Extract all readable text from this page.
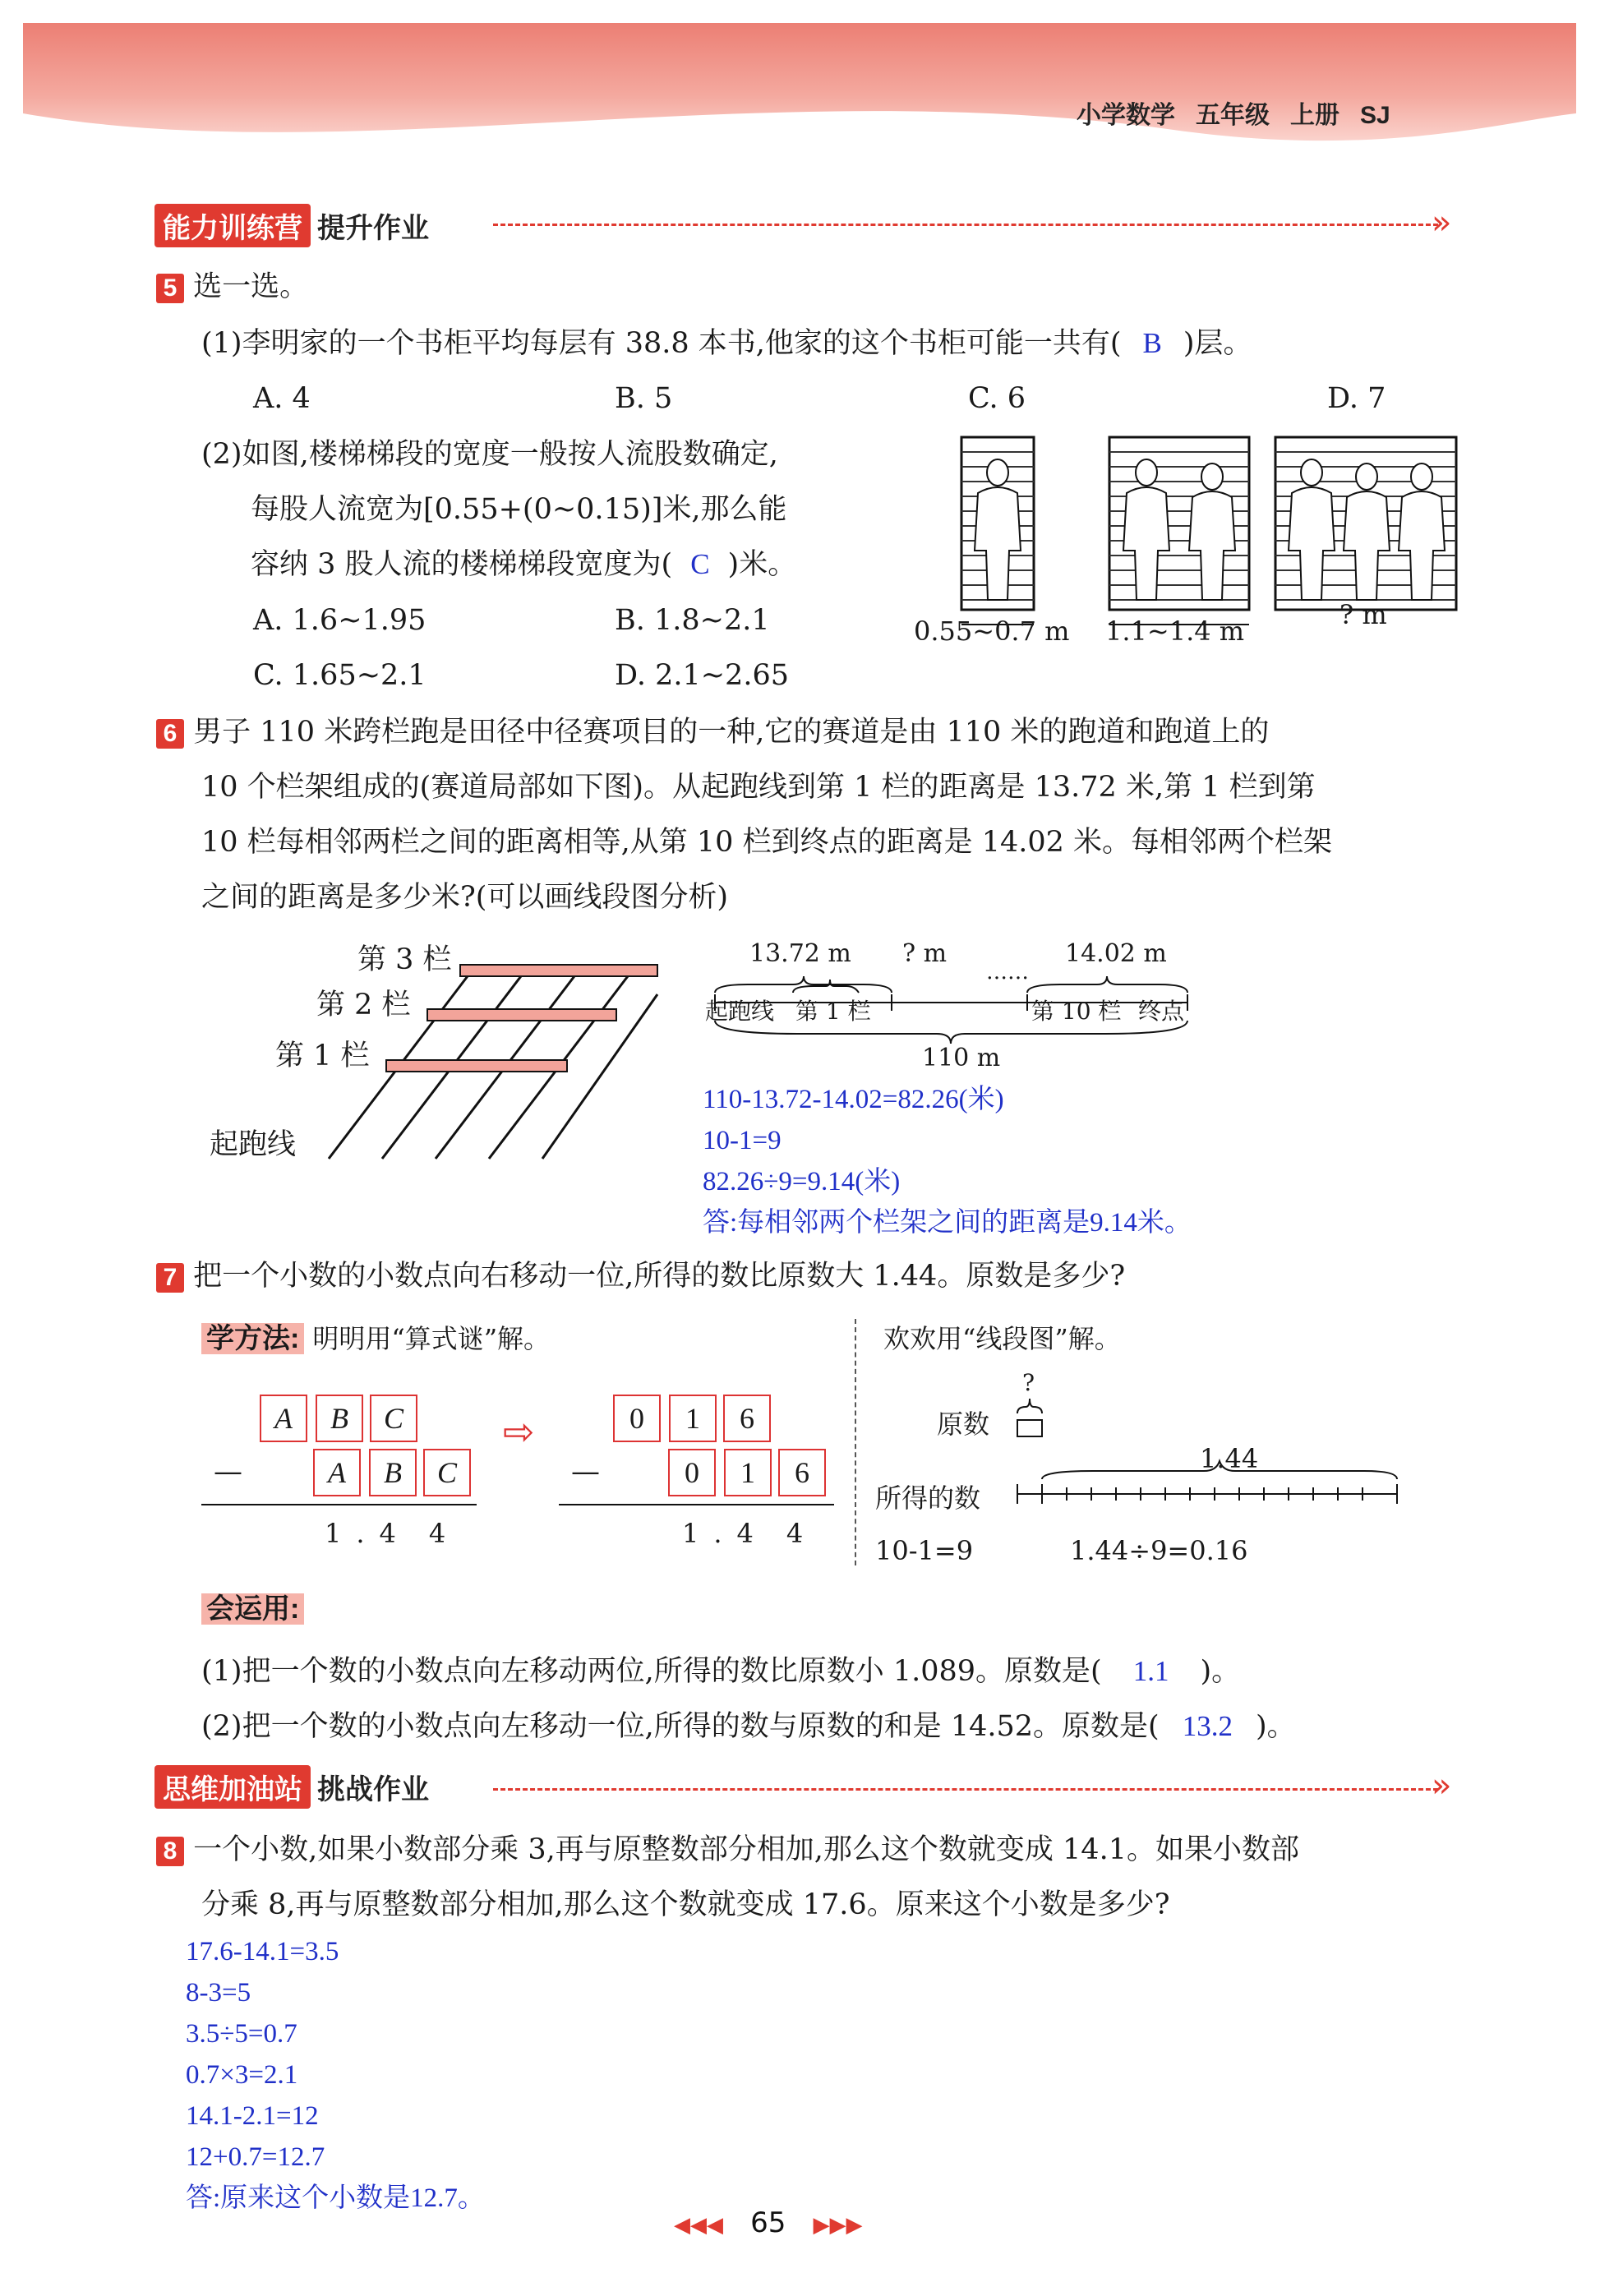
小学数学 五年级 上册 SJ
能力训练营 提升作业	»
5 选一选。
(1)李明家的一个书柜平均每层有 38.8 本书,他家的这个书柜可能一共有( B )层。
A. 4	B. 5	C. 6	D. 7
(2)如图,楼梯梯段的宽度一般按人流股数确定,
每股人流宽为[0.55+(0~0.15)]米,那么能
容纳 3 股人流的楼梯梯段宽度为( C )米。
A. 1.6~1.95	B. 1.8~2.1
C. 1.65~2.1	D. 2.1~2.65
0.55~0.7 m 1.1~1.4 m
? m
6 男子 110 米跨栏跑是田径中径赛项目的一种,它的赛道是由 110 米的跑道和跑道上的
10 个栏架组成的(赛道局部如下图)。从起跑线到第 1 栏的距离是 13.72 米,第 1 栏到第
10 栏每相邻两栏之间的距离相等,从第 10 栏到终点的距离是 14.02 米。每相邻两个栏架
之间的距离是多少米?(可以画线段图分析)
第 3 栏
第 2 栏
第 1 栏
起跑线
13.72 m ? m
……
14.02 m
起跑线 第 1 栏	第 10 栏 终点
110 m
110-13.72-14.02=82.26(米)
10-1=9
82.26÷9=9.14(米)
答:每相邻两个栏架之间的距离是9.14米。
7 把一个小数的小数点向右移动一位,所得的数比原数大 1.44。原数是多少?
学方法: 明明用“算式谜”解。	欢欢用“线段图”解。
A B C
—	A B C
1 . 4 4
⇨	0 1 6
—	0 1 6
1 . 4 4
?
原数
1.44
所得的数
10-1=9	1.44÷9=0.16
会运用:
(1)把一个数的小数点向左移动两位,所得的数比原数小 1.089。原数是( 1.1 )。
(2)把一个数的小数点向左移动一位,所得的数与原数的和是 14.52。原数是( 13.2 )。
思维加油站 挑战作业	»
8 一个小数,如果小数部分乘 3,再与原整数部分相加,那么这个数就变成 14.1。如果小数部
分乘 8,再与原整数部分相加,那么这个数就变成 17.6。原来这个小数是多少?
17.6-14.1=3.5
8-3=5
3.5÷5=0.7
0.7×3=2.1
14.1-2.1=12
12+0.7=12.7
答:原来这个小数是12.7。
◀◀◀ 65 ▶▶▶
